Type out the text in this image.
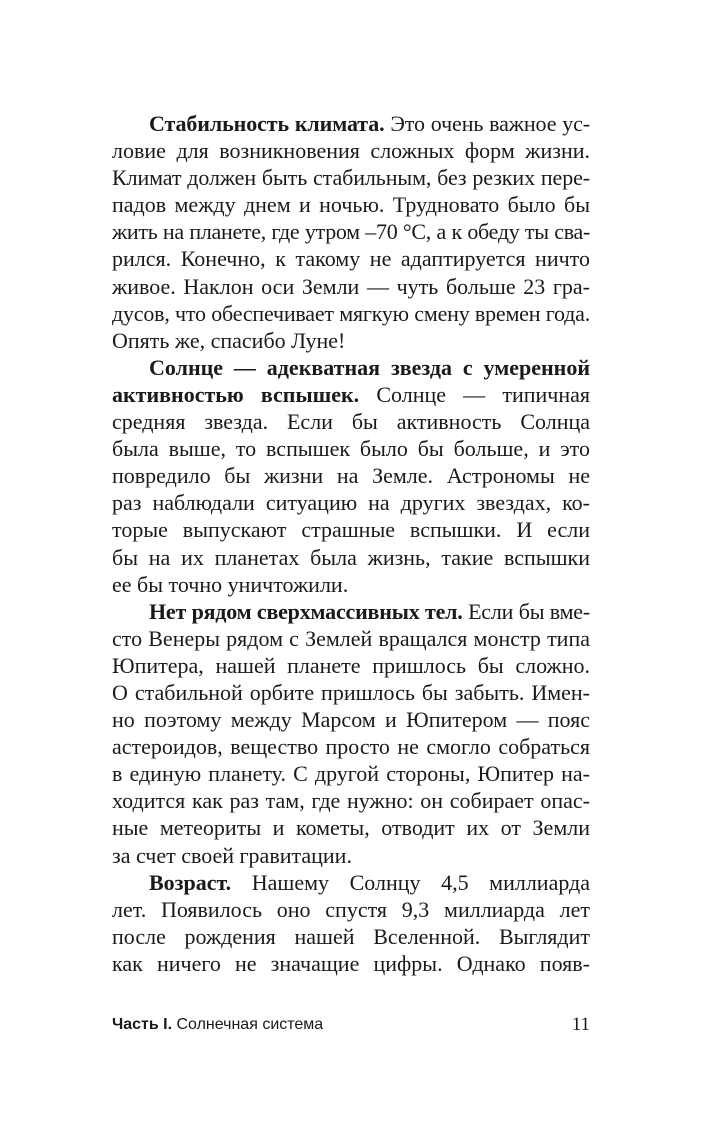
Стабильность климата. Это очень важное ус-
ловие для возникновения сложных форм жизни.
Климат должен быть стабильным, без резких пере-
падов между днем и ночью. Трудновато было бы
жить на планете, где утром –70 °С, а к обеду ты сва-
рился. Конечно, к такому не адаптируется ничто
живое. Наклон оси Земли — чуть больше 23 гра-
дусов, что обеспечивает мягкую смену времен года.
Опять же, спасибо Луне!
Солнце — адекватная звезда с умеренной
активностью вспышек. Солнце — типичная
средняя звезда. Если бы активность Солнца
была выше, то вспышек было бы больше, и это
повредило бы жизни на Земле. Астрономы не
раз наблюдали ситуацию на других звездах, ко-
торые выпускают страшные вспышки. И если
бы на их планетах была жизнь, такие вспышки
ее бы точно уничтожили.
Нет рядом сверхмассивных тел. Если бы вме-
сто Венеры рядом с Землей вращался монстр типа
Юпитера, нашей планете пришлось бы сложно.
О стабильной орбите пришлось бы забыть. Имен-
но поэтому между Марсом и Юпитером — пояс
астероидов, вещество просто не смогло собраться
в единую планету. С другой стороны, Юпитер на-
ходится как раз там, где нужно: он собирает опас-
ные метеориты и кометы, отводит их от Земли
за счет своей гравитации.
Возраст. Нашему Солнцу 4,5 миллиарда
лет. Появилось оно спустя 9,3 миллиарда лет
после рождения нашей Вселенной. Выглядит
как ничего не значащие цифры. Однако появ-
Часть I. Солнечная система	11
